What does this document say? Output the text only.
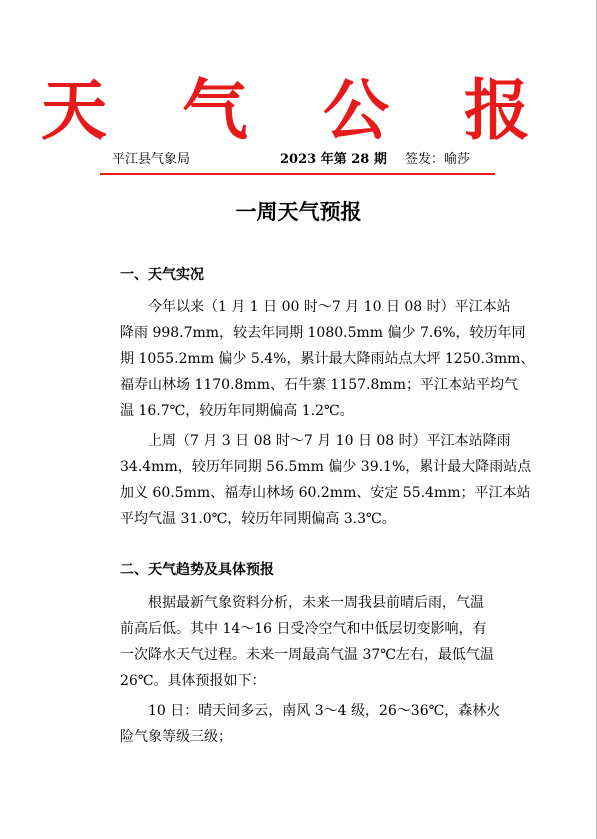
天 气 公 报
平江县气象局	2023 年第 28 期 签发：喻莎
一周天气预报
一、天气实况
　　今年以来（1 月 1 日 00 时～7 月 10 日 08 时）平江本站
降雨 998.7mm，较去年同期 1080.5mm 偏少 7.6%，较历年同
期 1055.2mm 偏少 5.4%，累计最大降雨站点大坪 1250.3mm、
福寿山林场 1170.8mm、石牛寨 1157.8mm；平江本站平均气
温 16.7℃，较历年同期偏高 1.2℃。
　　上周（7 月 3 日 08 时～7 月 10 日 08 时）平江本站降雨
34.4mm，较历年同期 56.5mm 偏少 39.1%，累计最大降雨站点
加义 60.5mm、福寿山林场 60.2mm、安定 55.4mm；平江本站
平均气温 31.0℃，较历年同期偏高 3.3℃。
二、天气趋势及具体预报
　　根据最新气象资料分析，未来一周我县前晴后雨，气温
前高后低。其中 14～16 日受冷空气和中低层切变影响，有
一次降水天气过程。未来一周最高气温 37℃左右，最低气温
26℃。具体预报如下：
　　10 日：晴天间多云，南风 3～4 级，26～36℃，森林火
险气象等级三级；
